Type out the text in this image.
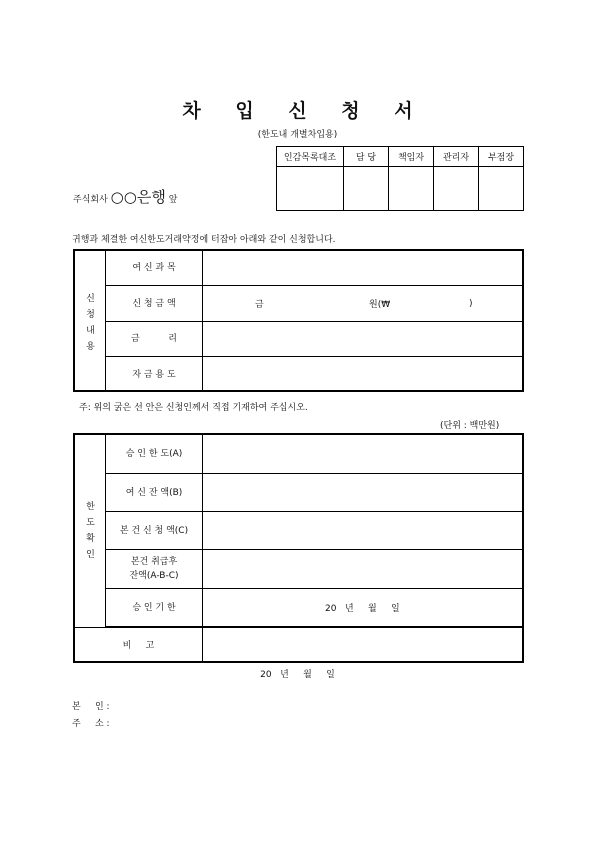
차 입 신 청 서
(한도내 개별차입용)
인감목록대조	담 당	책임자	관리자	부점장

주식회사 ○○은행 앞
귀행과 체결한 여신한도거래약정에 터잡아 아래와 같이 신청합니다.
신
청
내
용
여 신 과 목
신 청 금 액	금	원(₩	)
금          리
자 금 용 도
주: 위의 굵은 선 안은 신청인께서 직접 기재하여 주십시오.
(단위 : 백만원)
한
도
확
인
승 인 한 도(A)
여 신 잔 액(B)
본 건 신 청 액(C)
본건 취급후
잔액(A-B-C)
승 인 기 한	20   년     월     일
비     고
20   년     월     일
본     인 :
주     소 :
